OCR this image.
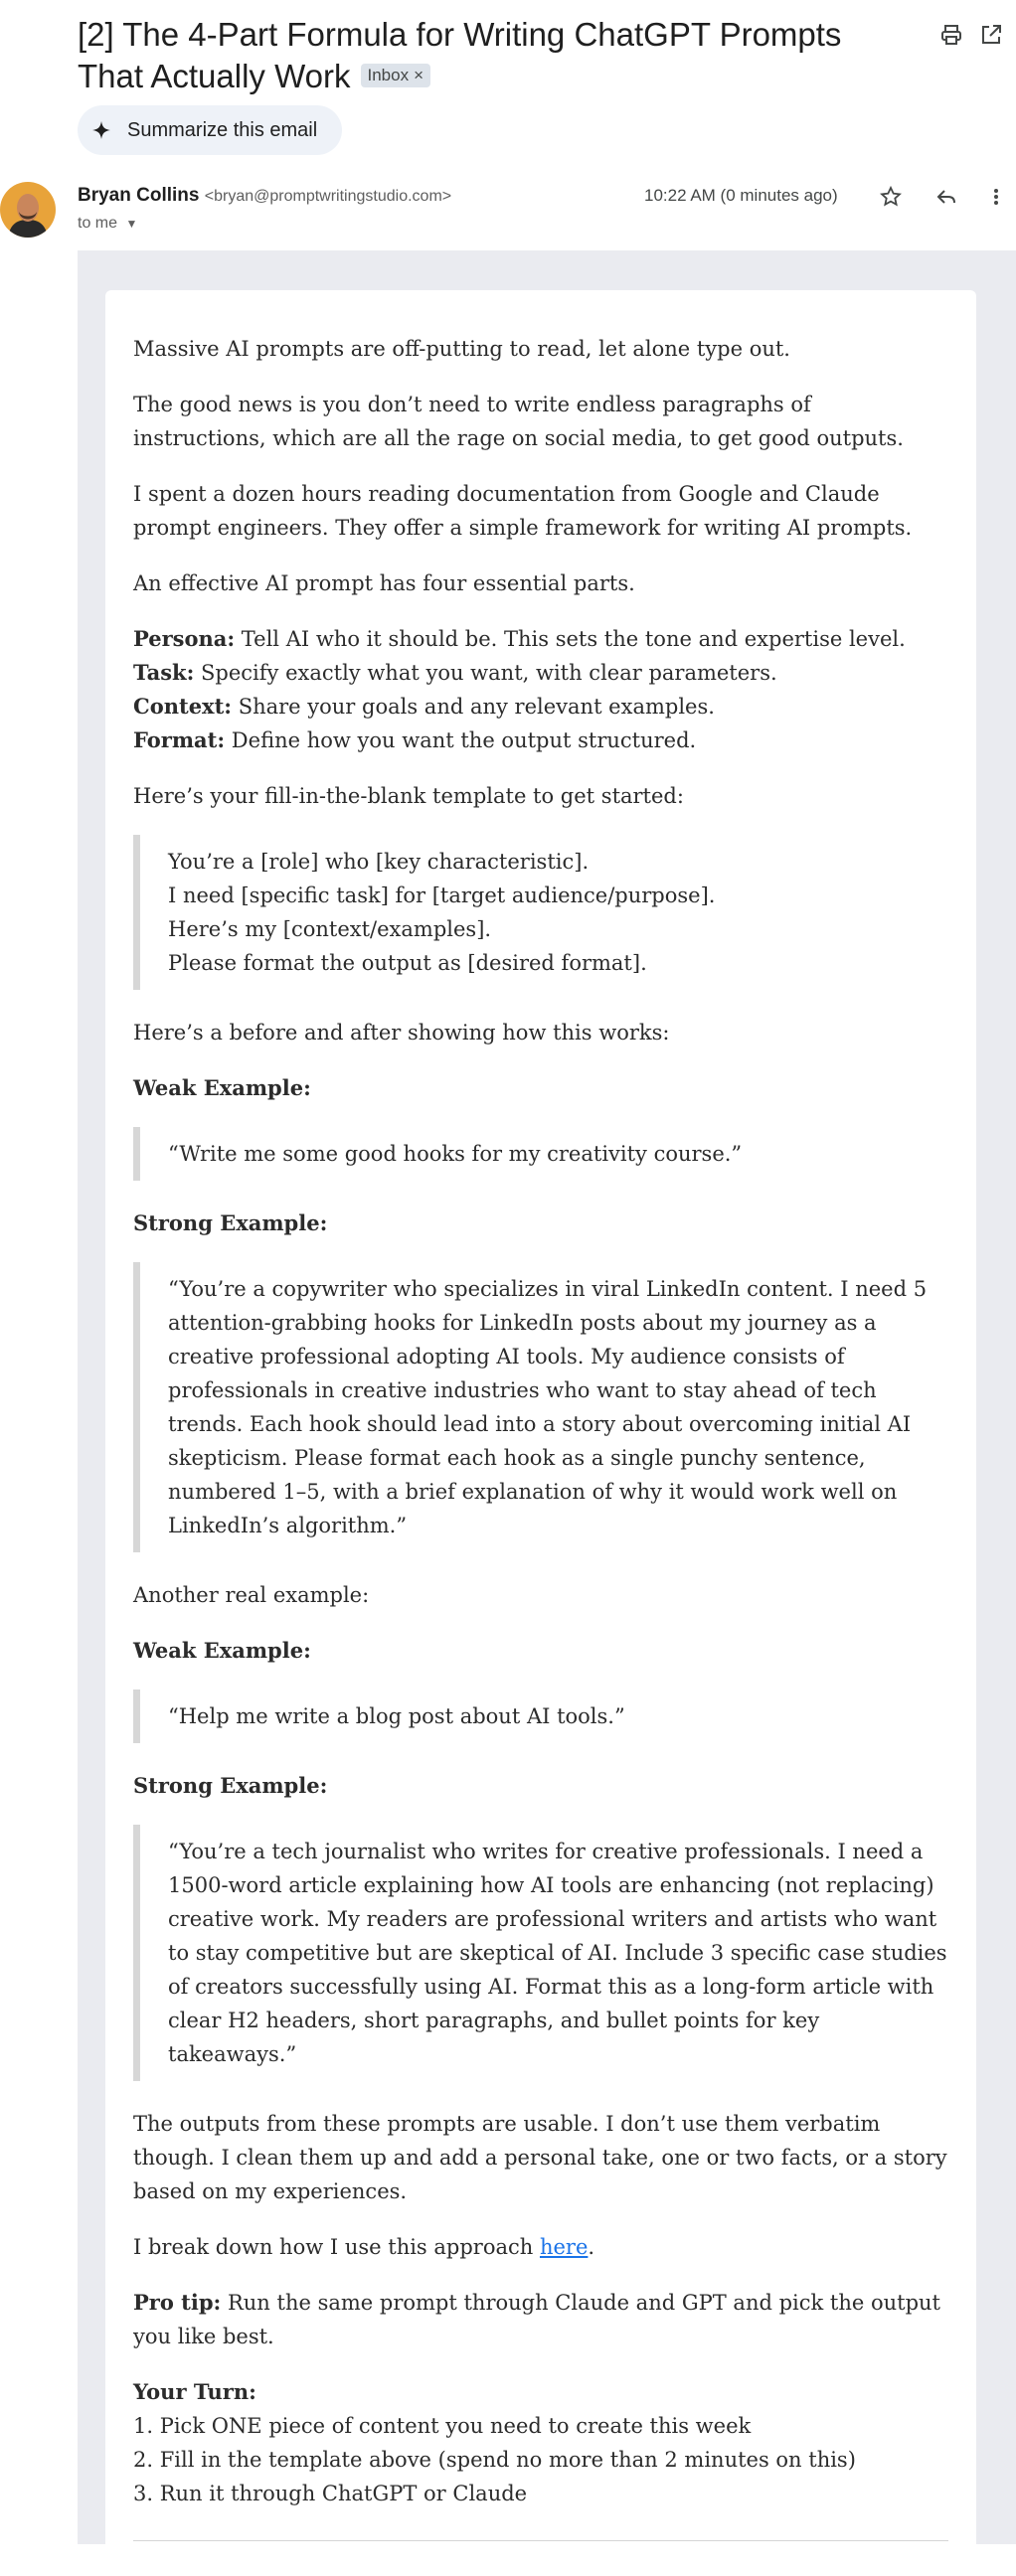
[2] The 4-Part Formula for Writing ChatGPT Prompts That Actually Work Inbox ×
Summarize this email
Bryan Collins <bryan@promptwritingstudio.com>
to me ▼
10:22 AM (0 minutes ago)

Massive AI prompts are off-putting to read, let alone type out.

The good news is you don’t need to write endless paragraphs of instructions, which are all the rage on social media, to get good outputs.

I spent a dozen hours reading documentation from Google and Claude prompt engineers. They offer a simple framework for writing AI prompts.

An effective AI prompt has four essential parts.

Persona: Tell AI who it should be. This sets the tone and expertise level.
Task: Specify exactly what you want, with clear parameters.
Context: Share your goals and any relevant examples.
Format: Define how you want the output structured.

Here’s your fill-in-the-blank template to get started:

You’re a [role] who [key characteristic].
I need [specific task] for [target audience/purpose].
Here’s my [context/examples].
Please format the output as [desired format].

Here’s a before and after showing how this works:

Weak Example:

“Write me some good hooks for my creativity course.”

Strong Example:

“You’re a copywriter who specializes in viral LinkedIn content. I need 5 attention-grabbing hooks for LinkedIn posts about my journey as a creative professional adopting AI tools. My audience consists of professionals in creative industries who want to stay ahead of tech trends. Each hook should lead into a story about overcoming initial AI skepticism. Please format each hook as a single punchy sentence, numbered 1–5, with a brief explanation of why it would work well on LinkedIn’s algorithm.”

Another real example:

Weak Example:

“Help me write a blog post about AI tools.”

Strong Example:

“You’re a tech journalist who writes for creative professionals. I need a 1500-word article explaining how AI tools are enhancing (not replacing) creative work. My readers are professional writers and artists who want to stay competitive but are skeptical of AI. Include 3 specific case studies of creators successfully using AI. Format this as a long-form article with clear H2 headers, short paragraphs, and bullet points for key takeaways.”

The outputs from these prompts are usable. I don’t use them verbatim though. I clean them up and add a personal take, one or two facts, or a story based on my experiences.

I break down how I use this approach here.

Pro tip: Run the same prompt through Claude and GPT and pick the output you like best.

Your Turn:
1. Pick ONE piece of content you need to create this week
2. Fill in the template above (spend no more than 2 minutes on this)
3. Run it through ChatGPT or Claude
